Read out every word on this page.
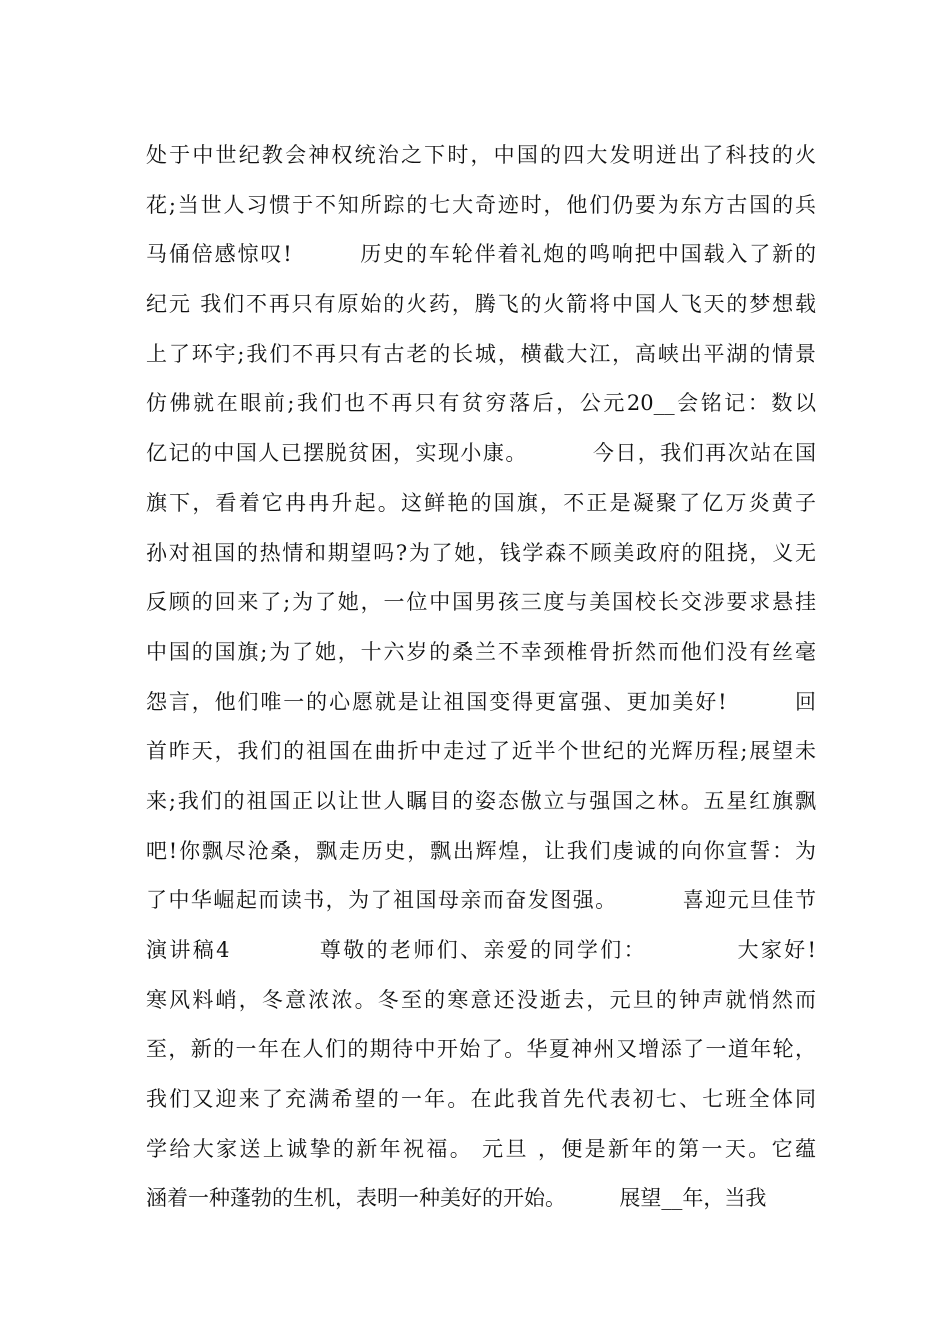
处于中世纪教会神权统治之下时，中国的四大发明迸出了科技的火
花;当世人习惯于不知所踪的七大奇迹时，他们仍要为东方古国的兵
马俑倍感惊叹!        历史的车轮伴着礼炮的鸣响把中国载入了新的
纪元 我们不再只有原始的火药，腾飞的火箭将中国人飞天的梦想载
上了环宇;我们不再只有古老的长城，横截大江，高峡出平湖的情景
仿佛就在眼前;我们也不再只有贫穷落后，公元20__会铭记：数以
亿记的中国人已摆脱贫困，实现小康。        今日，我们再次站在国
旗下，看着它冉冉升起。这鲜艳的国旗，不正是凝聚了亿万炎黄子
孙对祖国的热情和期望吗?为了她，钱学森不顾美政府的阻挠，义无
反顾的回来了;为了她，一位中国男孩三度与美国校长交涉要求悬挂
中国的国旗;为了她，十六岁的桑兰不幸颈椎骨折然而他们没有丝毫
怨言，他们唯一的心愿就是让祖国变得更富强、更加美好!        回
首昨天，我们的祖国在曲折中走过了近半个世纪的光辉历程;展望未
来;我们的祖国正以让世人瞩目的姿态傲立与强国之林。五星红旗飘
吧!你飘尽沧桑，飘走历史，飘出辉煌，让我们虔诚的向你宣誓：为
了中华崛起而读书，为了祖国母亲而奋发图强。        喜迎元旦佳节
演讲稿4          尊敬的老师们、亲爱的同学们：          大家好!
寒风料峭，冬意浓浓。冬至的寒意还没逝去，元旦的钟声就悄然而
至，新的一年在人们的期待中开始了。华夏神州又增添了一道年轮，
我们又迎来了充满希望的一年。在此我首先代表初七、七班全体同
学给大家送上诚挚的新年祝福。 元旦 ，便是新年的第一天。它蕴
涵着一种蓬勃的生机，表明一种美好的开始。        展望__年，当我
